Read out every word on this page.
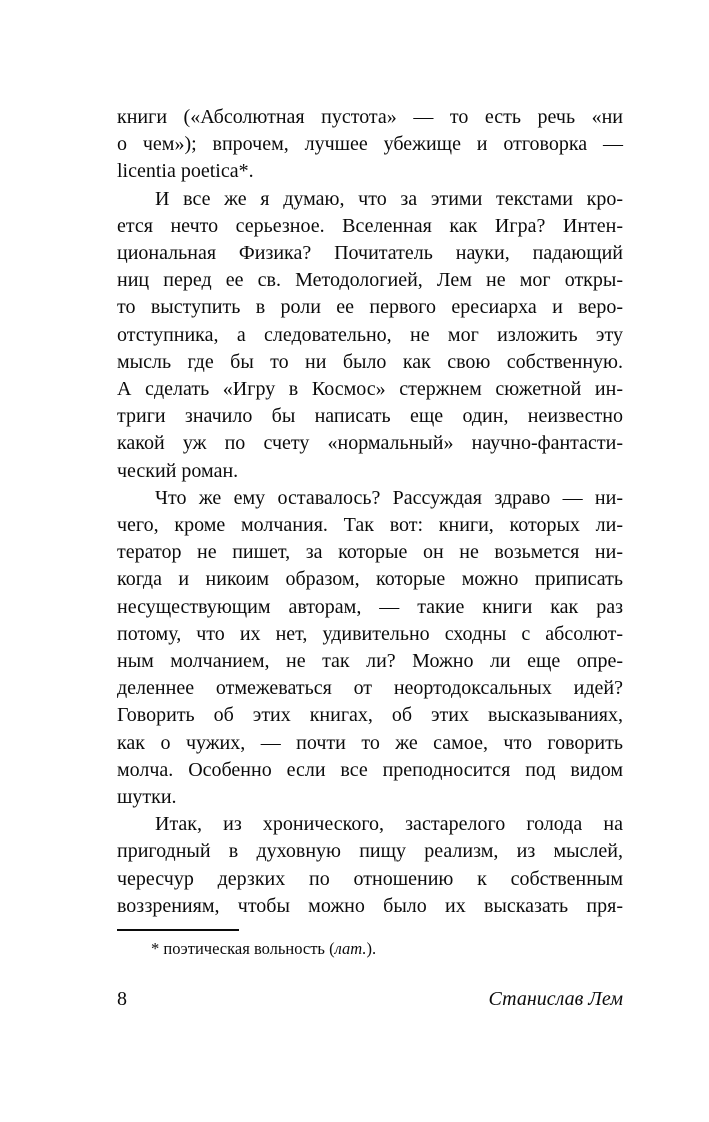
книги («Абсолютная пустота» — то есть речь «ни
о чем»); впрочем, лучшее убежище и отговорка —
licentia poetica*.
И все же я думаю, что за этими текстами кро-
ется нечто серьезное. Вселенная как Игра? Интен-
циональная Физика? Почитатель науки, падающий
ниц перед ее св. Методологией, Лем не мог откры-
то выступить в роли ее первого ересиарха и веро-
отступника, а следовательно, не мог изложить эту
мысль где бы то ни было как свою собственную.
А сделать «Игру в Космос» стержнем сюжетной ин-
триги значило бы написать еще один, неизвестно
какой уж по счету «нормальный» научно-фантасти-
ческий роман.
Что же ему оставалось? Рассуждая здраво — ни-
чего, кроме молчания. Так вот: книги, которых ли-
тератор не пишет, за которые он не возьмется ни-
когда и никоим образом, которые можно приписать
несуществующим авторам, — такие книги как раз
потому, что их нет, удивительно сходны с абсолют-
ным молчанием, не так ли? Можно ли еще опре-
деленнее отмежеваться от неортодоксальных идей?
Говорить об этих книгах, об этих высказываниях,
как о чужих, — почти то же самое, что говорить
молча. Особенно если все преподносится под видом
шутки.
Итак, из хронического, застарелого голода на
пригодный в духовную пищу реализм, из мыслей,
чересчур дерзких по отношению к собственным
воззрениям, чтобы можно было их высказать пря-
* поэтическая вольность (лат.).
8	Станислав Лем
